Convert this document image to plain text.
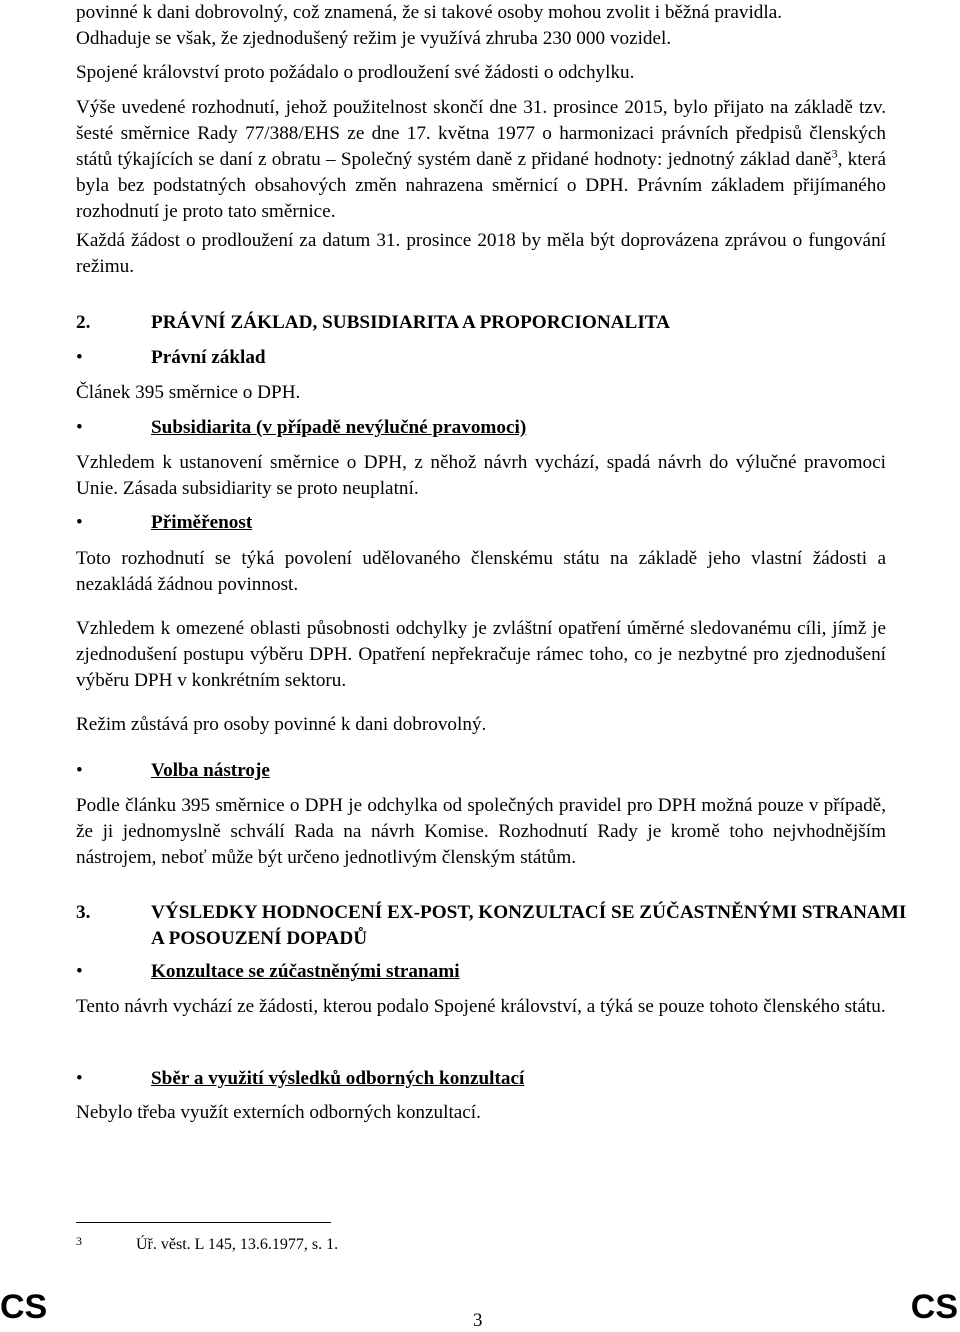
povinné k dani dobrovolný, což znamená, že si takové osoby mohou zvolit i běžná pravidla.
Odhaduje se však, že zjednodušený režim je využívá zhruba 230 000 vozidel.

Spojené království proto požádalo o prodloužení své žádosti o odchylku.

Výše uvedené rozhodnutí, jehož použitelnost skončí dne 31. prosince 2015, bylo přijato na základě tzv. šesté směrnice Rady 77/388/EHS ze dne 17. května 1977 o harmonizaci právních předpisů členských států týkajících se daní z obratu – Společný systém daně z přidané hodnoty: jednotný základ daně$^3$, která byla bez podstatných obsahových změn nahrazena směrnicí o DPH. Právním základem přijímaného rozhodnutí je proto tato směrnice.

Každá žádost o prodloužení za datum 31. prosince 2018 by měla být doprovázena zprávou o fungování režimu.

2.	PRÁVNÍ ZÁKLAD, SUBSIDIARITA A PROPORCIONALITA
•	Právní základ

Článek 395 směrnice o DPH.

•	Subsidiarita (v případě nevýlučné pravomoci)

Vzhledem k ustanovení směrnice o DPH, z něhož návrh vychází, spadá návrh do výlučné pravomoci Unie. Zásada subsidiarity se proto neuplatní.

•	Přiměřenost

Toto rozhodnutí se týká povolení udělovaného členskému státu na základě jeho vlastní žádosti a nezakládá žádnou povinnost.

Vzhledem k omezené oblasti působnosti odchylky je zvláštní opatření úměrné sledovanému cíli, jímž je zjednodušení postupu výběru DPH. Opatření nepřekračuje rámec toho, co je nezbytné pro zjednodušení výběru DPH v konkrétním sektoru.

Režim zůstává pro osoby povinné k dani dobrovolný.

•	Volba nástroje

Podle článku 395 směrnice o DPH je odchylka od společných pravidel pro DPH možná pouze v případě, že ji jednomyslně schválí Rada na návrh Komise. Rozhodnutí Rady je kromě toho nejvhodnějším nástrojem, neboť může být určeno jednotlivým členským státům.

3.	VÝSLEDKY HODNOCENÍ EX-POST, KONZULTACÍ SE ZÚČASTNĚNÝMI STRANAMI A POSOUZENÍ DOPADŮ
•	Konzultace se zúčastněnými stranami

Tento návrh vychází ze žádosti, kterou podalo Spojené království, a týká se pouze tohoto členského státu.

•	Sběr a využití výsledků odborných konzultací

Nebylo třeba využít externích odborných konzultací.

3	Úř. věst. L 145, 13.6.1977, s. 1.
CS	3	CS
